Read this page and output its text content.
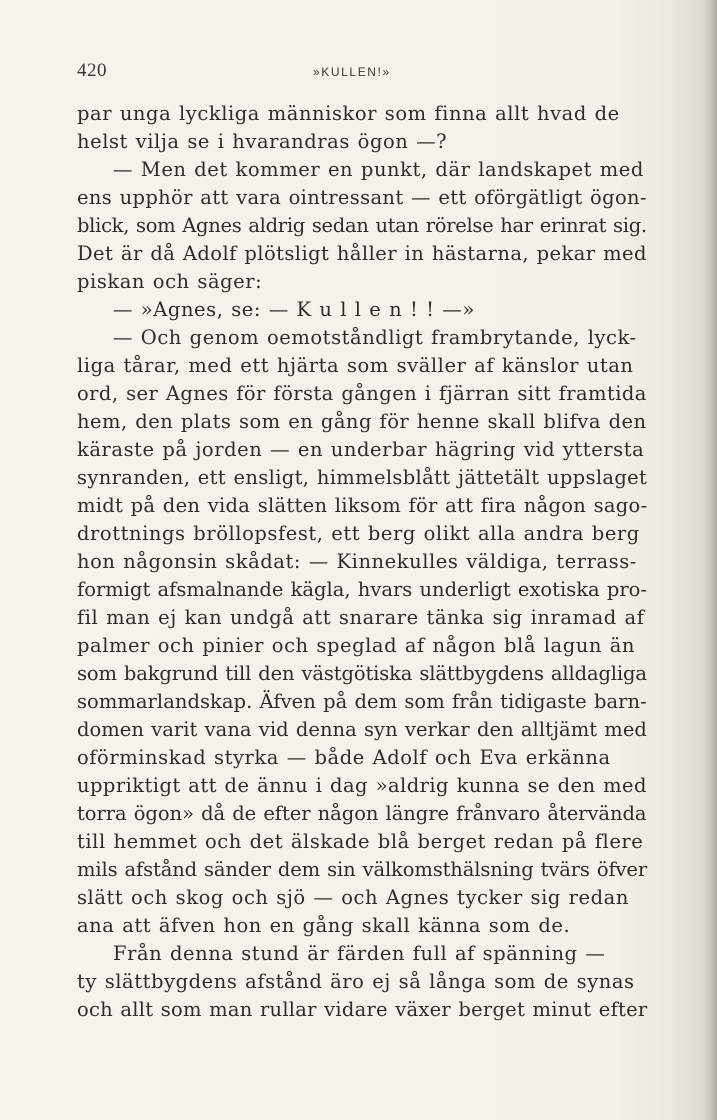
420	»KULLEN!»
par unga lyckliga människor som finna allt hvad de
helst vilja se i hvarandras ögon —?
— Men det kommer en punkt, där landskapet med
ens upphör att vara ointressant — ett oförgätligt ögon-
blick, som Agnes aldrig sedan utan rörelse har erinrat sig.
Det är då Adolf plötsligt håller in hästarna, pekar med
piskan och säger:
— »Agnes, se: — K u l l e n ! ! —»
— Och genom oemotståndligt frambrytande, lyck-
liga tårar, med ett hjärta som sväller af känslor utan
ord, ser Agnes för första gången i fjärran sitt framtida
hem, den plats som en gång för henne skall blifva den
käraste på jorden — en underbar hägring vid yttersta
synranden, ett ensligt, himmelsblått jättetält uppslaget
midt på den vida slätten liksom för att fira någon sago-
drottnings bröllopsfest, ett berg olikt alla andra berg
hon någonsin skådat: — Kinnekulles väldiga, terrass-
formigt afsmalnande kägla, hvars underligt exotiska pro-
fil man ej kan undgå att snarare tänka sig inramad af
palmer och pinier och speglad af någon blå lagun än
som bakgrund till den västgötiska slättbygdens alldagliga
sommarlandskap. Äfven på dem som från tidigaste barn-
domen varit vana vid denna syn verkar den alltjämt med
oförminskad styrka — både Adolf och Eva erkänna
uppriktigt att de ännu i dag »aldrig kunna se den med
torra ögon» då de efter någon längre frånvaro återvända
till hemmet och det älskade blå berget redan på flere
mils afstånd sänder dem sin välkomsthälsning tvärs öfver
slätt och skog och sjö — och Agnes tycker sig redan
ana att äfven hon en gång skall känna som de.
Från denna stund är färden full af spänning —
ty slättbygdens afstånd äro ej så långa som de synas
och allt som man rullar vidare växer berget minut efter
